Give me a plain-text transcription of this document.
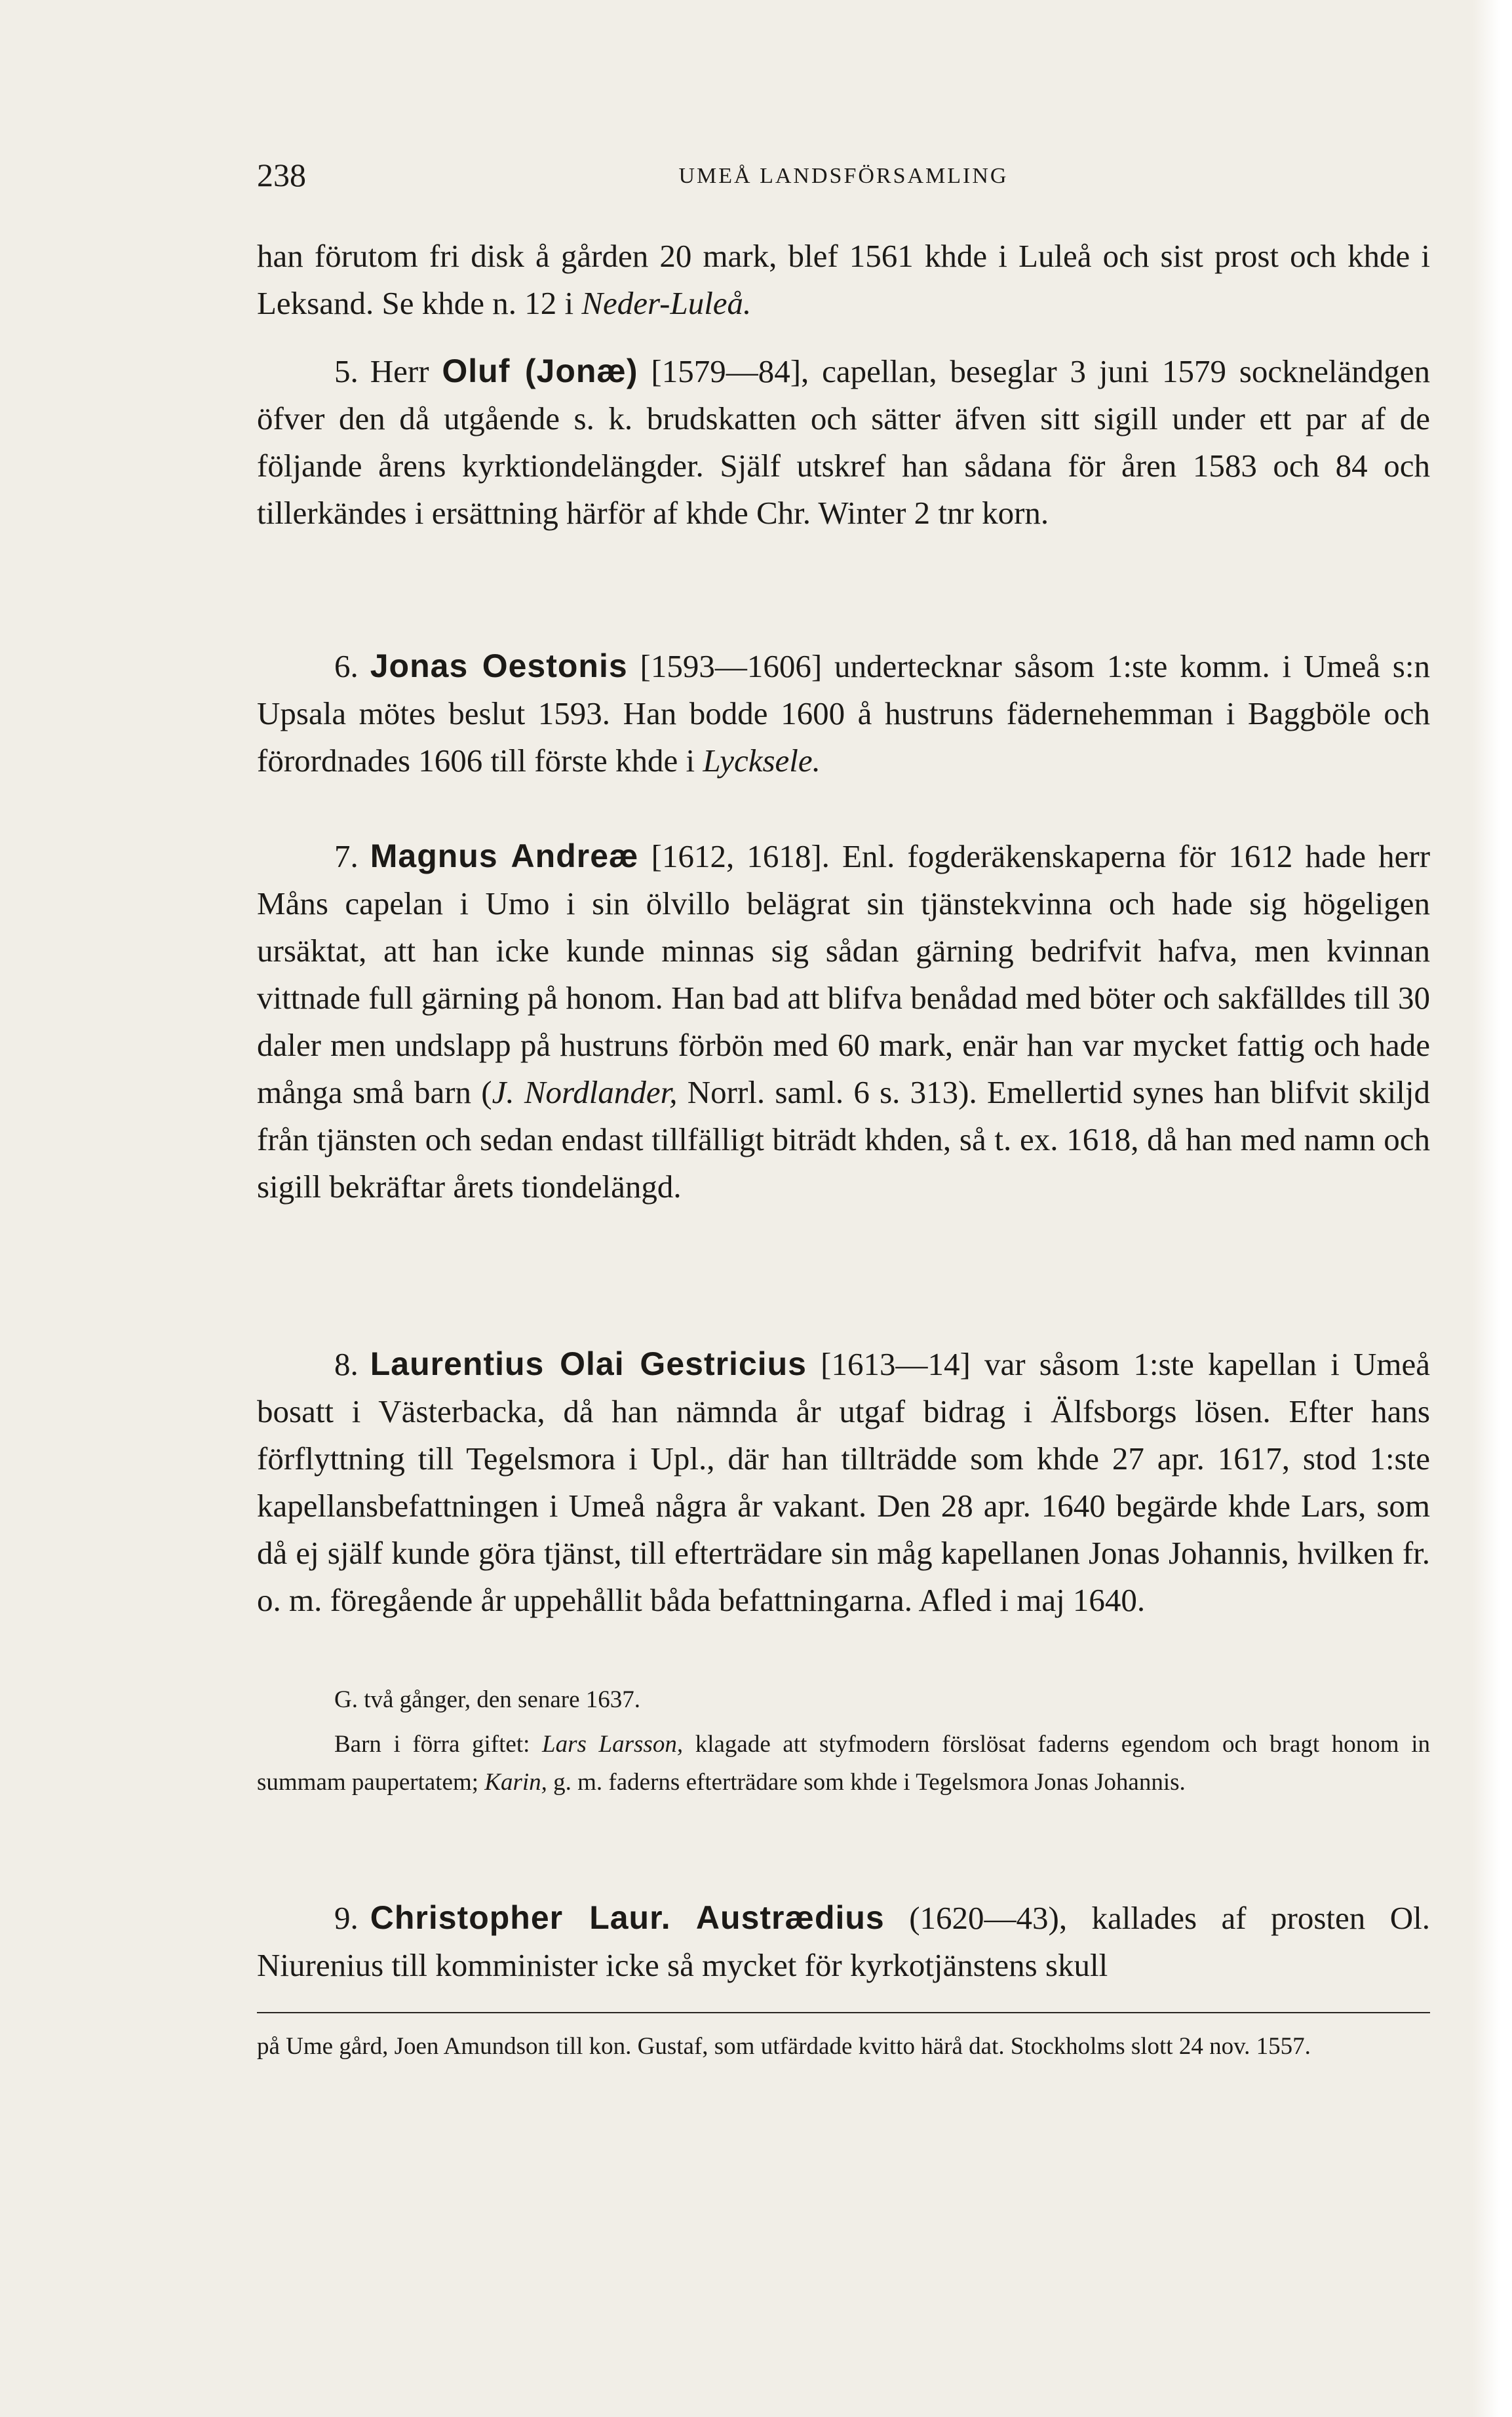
238	UMEÅ LANDSFÖRSAMLING

han förutom fri disk å gården 20 mark, blef 1561 khde i Luleå och sist prost och khde i Leksand. Se khde n. 12 i Neder-Luleå.

5. Herr Oluf (Jonæ) [1579—84], capellan, beseglar 3 juni 1579 sockneländgen öfver den då utgående s. k. brudskatten och sätter äfven sitt sigill under ett par af de följande årens kyrktiondelängder. Själf utskref han sådana för åren 1583 och 84 och tillerkändes i ersättning härför af khde Chr. Winter 2 tnr korn.

6. Jonas Oestonis [1593—1606] undertecknar såsom 1:ste komm. i Umeå s:n Upsala mötes beslut 1593. Han bodde 1600 å hustruns fädernehemman i Baggböle och förordnades 1606 till förste khde i Lycksele.

7. Magnus Andreæ [1612, 1618]. Enl. fogderäkenskaperna för 1612 hade herr Måns capelan i Umo i sin ölvillo belägrat sin tjänstekvinna och hade sig högeligen ursäktat, att han icke kunde minnas sig sådan gärning bedrifvit hafva, men kvinnan vittnade full gärning på honom. Han bad att blifva benådad med böter och sakfälldes till 30 daler men undslapp på hustruns förbön med 60 mark, enär han var mycket fattig och hade många små barn (J. Nordlander, Norrl. saml. 6 s. 313). Emellertid synes han blifvit skiljd från tjänsten och sedan endast tillfälligt biträdt khden, så t. ex. 1618, då han med namn och sigill bekräftar årets tiondelängd.

8. Laurentius Olai Gestricius [1613—14] var såsom 1:ste kapellan i Umeå bosatt i Västerbacka, då han nämnda år utgaf bidrag i Älfsborgs lösen. Efter hans förflyttning till Tegelsmora i Upl., där han tillträdde som khde 27 apr. 1617, stod 1:ste kapellansbefattningen i Umeå några år vakant. Den 28 apr. 1640 begärde khde Lars, som då ej själf kunde göra tjänst, till efterträdare sin måg kapellanen Jonas Johannis, hvilken fr. o. m. föregående år uppehållit båda befattningarna. Afled i maj 1640.

G. två gånger, den senare 1637.

Barn i förra giftet: Lars Larsson, klagade att styfmodern förslösat faderns egendom och bragt honom in summam paupertatem; Karin, g. m. faderns efterträdare som khde i Tegelsmora Jonas Johannis.

9. Christopher Laur. Austrædius (1620—43), kallades af prosten Ol. Niurenius till komminister icke så mycket för kyrkotjänstens skull

på Ume gård, Joen Amundson till kon. Gustaf, som utfärdade kvitto härå dat. Stockholms slott 24 nov. 1557.
